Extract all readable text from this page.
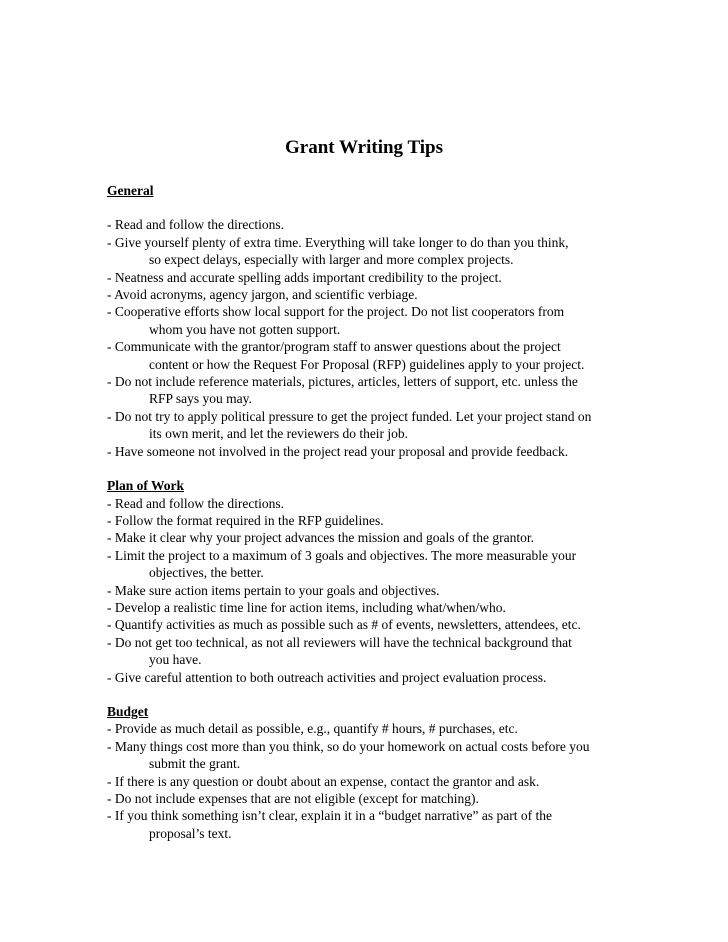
Grant Writing Tips
General
- Read and follow the directions.
- Give yourself plenty of extra time. Everything will take longer to do than you think,
so expect delays, especially with larger and more complex projects.
- Neatness and accurate spelling adds important credibility to the project.
- Avoid acronyms, agency jargon, and scientific verbiage.
- Cooperative efforts show local support for the project. Do not list cooperators from
whom you have not gotten support.
- Communicate with the grantor/program staff to answer questions about the project
content or how the Request For Proposal (RFP) guidelines apply to your project.
- Do not include reference materials, pictures, articles, letters of support, etc. unless the
RFP says you may.
- Do not try to apply political pressure to get the project funded. Let your project stand on
its own merit, and let the reviewers do their job.
- Have someone not involved in the project read your proposal and provide feedback.
Plan of Work
- Read and follow the directions.
- Follow the format required in the RFP guidelines.
- Make it clear why your project advances the mission and goals of the grantor.
- Limit the project to a maximum of 3 goals and objectives. The more measurable your
objectives, the better.
- Make sure action items pertain to your goals and objectives.
- Develop a realistic time line for action items, including what/when/who.
- Quantify activities as much as possible such as # of events, newsletters, attendees, etc.
- Do not get too technical, as not all reviewers will have the technical background that
you have.
- Give careful attention to both outreach activities and project evaluation process.
Budget
- Provide as much detail as possible, e.g., quantify # hours, # purchases, etc.
- Many things cost more than you think, so do your homework on actual costs before you
submit the grant.
- If there is any question or doubt about an expense, contact the grantor and ask.
- Do not include expenses that are not eligible (except for matching).
- If you think something isn’t clear, explain it in a “budget narrative” as part of the
proposal’s text.
